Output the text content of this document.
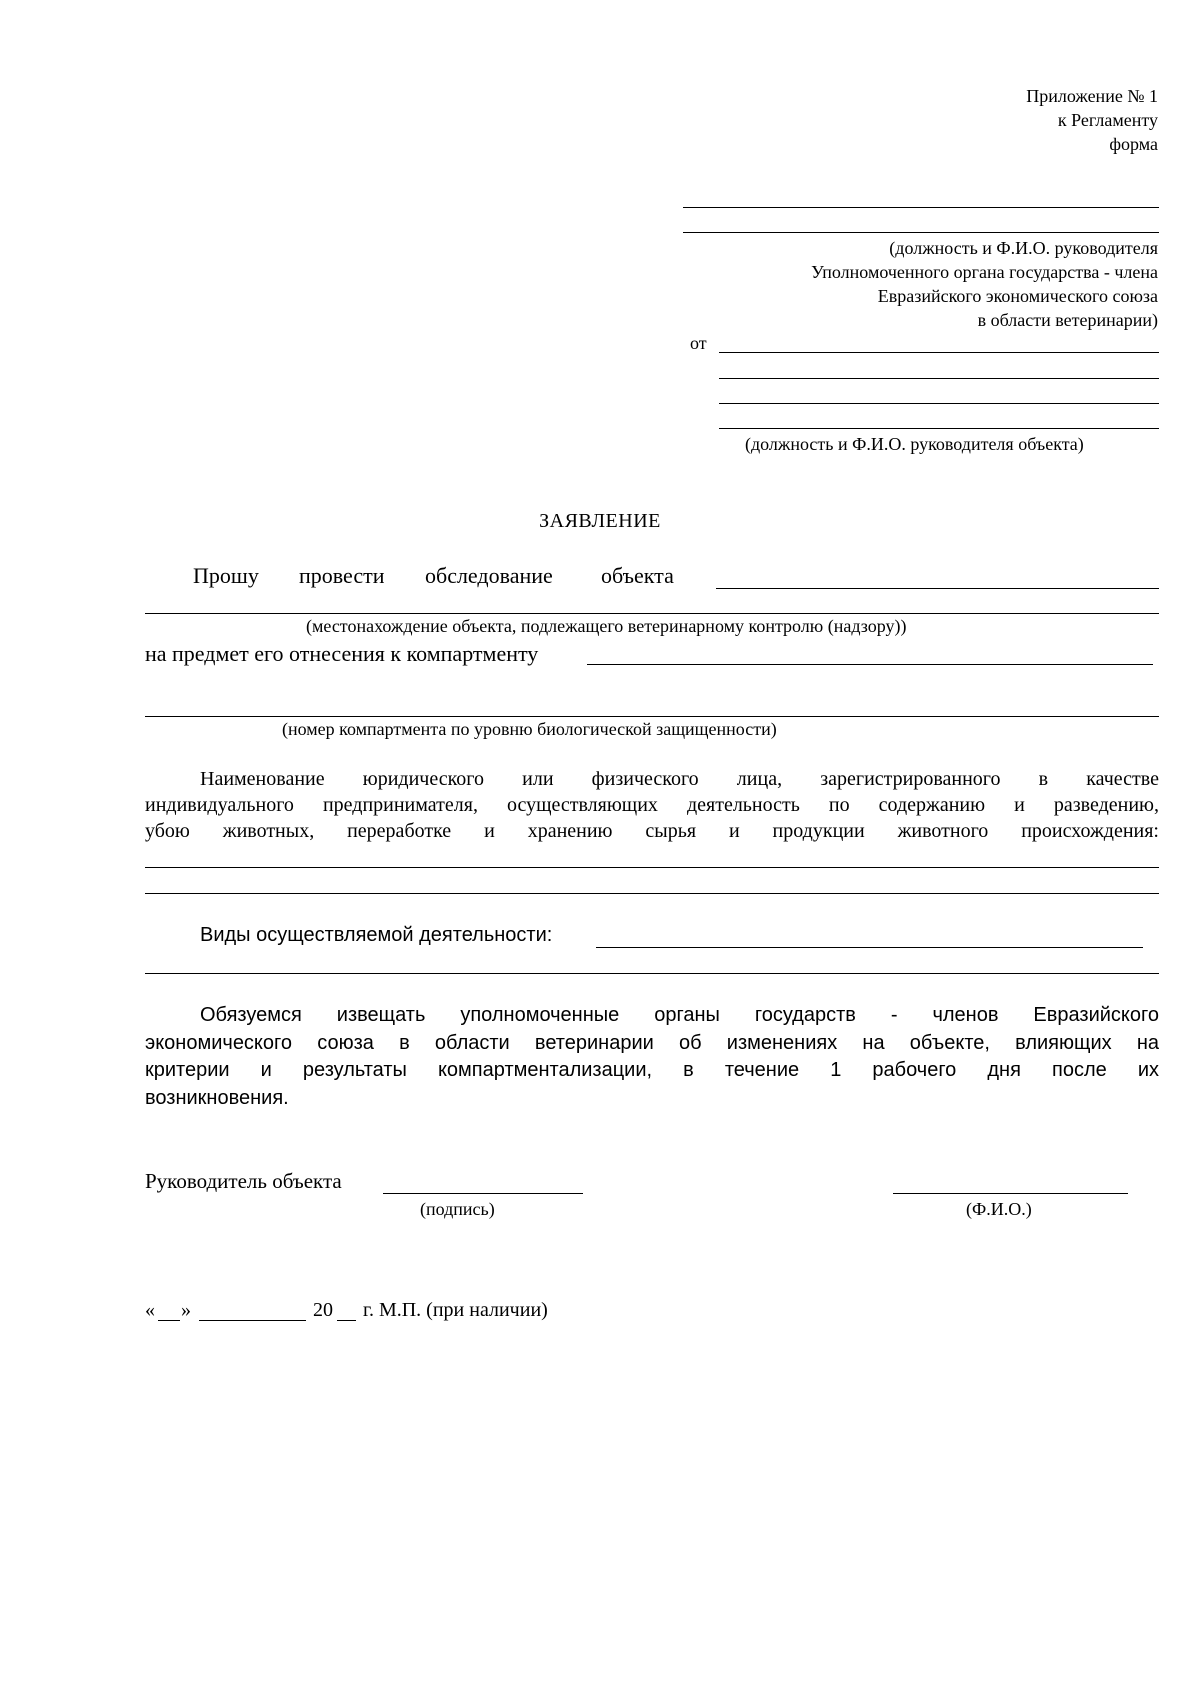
Приложение № 1
к Регламенту
форма
(должность и Ф.И.О. руководителя
Уполномоченного органа государства - члена
Евразийского экономического союза
в области ветеринарии)
от
(должность и Ф.И.О. руководителя объекта)
ЗАЯВЛЕНИЕ
Прошу провести обследование объекта
(местонахождение объекта, подлежащего ветеринарному контролю (надзору))
на предмет его отнесения к компартменту
(номер компартмента по уровню биологической защищенности)
Наименование юридического или физического лица, зарегистрированного в качестве
индивидуального предпринимателя, осуществляющих деятельность по содержанию и разведению,
убою животных, переработке и хранению сырья и продукции животного происхождения:
Виды осуществляемой деятельности:
Обязуемся извещать уполномоченные органы государств - членов Евразийского
экономического союза в области ветеринарии об изменениях на объекте, влияющих на
критерии и результаты компартментализации, в течение 1 рабочего дня после их
возникновения.
Руководитель объекта
(подпись)	(Ф.И.О.)
« »	20 г. М.П. (при наличии)
